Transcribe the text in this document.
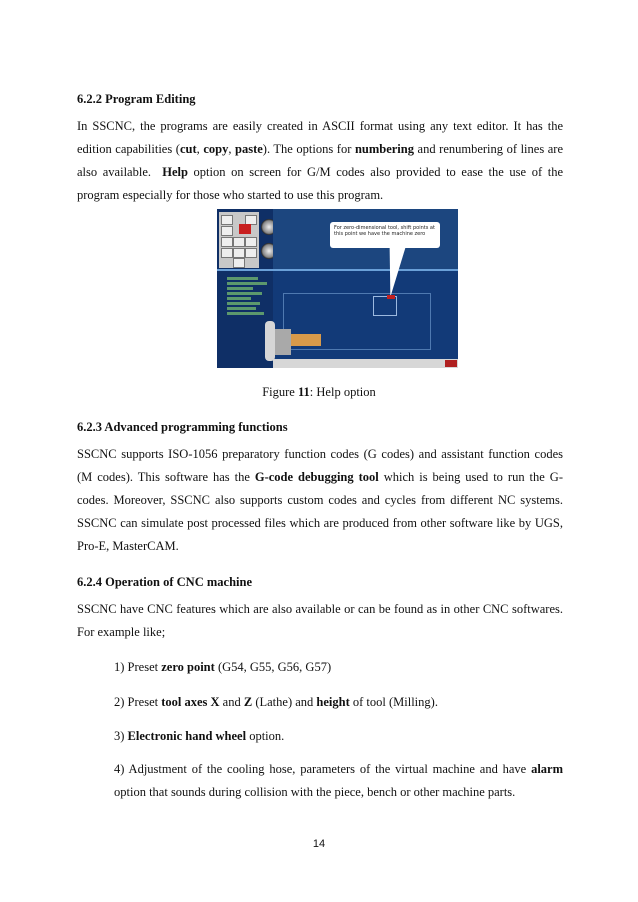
6.2.2 Program Editing

In SSCNC, the programs are easily created in ASCII format using any text editor. It has the edition capabilities (cut, copy, paste). The options for numbering and renumbering of lines are also available.  Help option on screen for G/M codes also provided to ease the use of the program especially for those who started to use this program.

For zero-dimensional tool, shift points at this point we have the machine zero
Figure 11: Help option
6.2.3 Advanced programming functions

SSCNC supports ISO-1056 preparatory function codes (G codes) and assistant function codes (M codes). This software has the G-code debugging tool which is being used to run the G-codes. Moreover, SSCNC also supports custom codes and cycles from different NC systems. SSCNC can simulate post processed files which are produced from other software like by UGS, Pro-E, MasterCAM.

6.2.4 Operation of CNC machine

SSCNC have CNC features which are also available or can be found as in other CNC softwares. For example like;

1) Preset zero point (G54, G55, G56, G57)

2) Preset tool axes X and Z (Lathe) and height of tool (Milling).

3) Electronic hand wheel option.

4) Adjustment of the cooling hose, parameters of the virtual machine and have alarm option that sounds during collision with the piece, bench or other machine parts.

14
